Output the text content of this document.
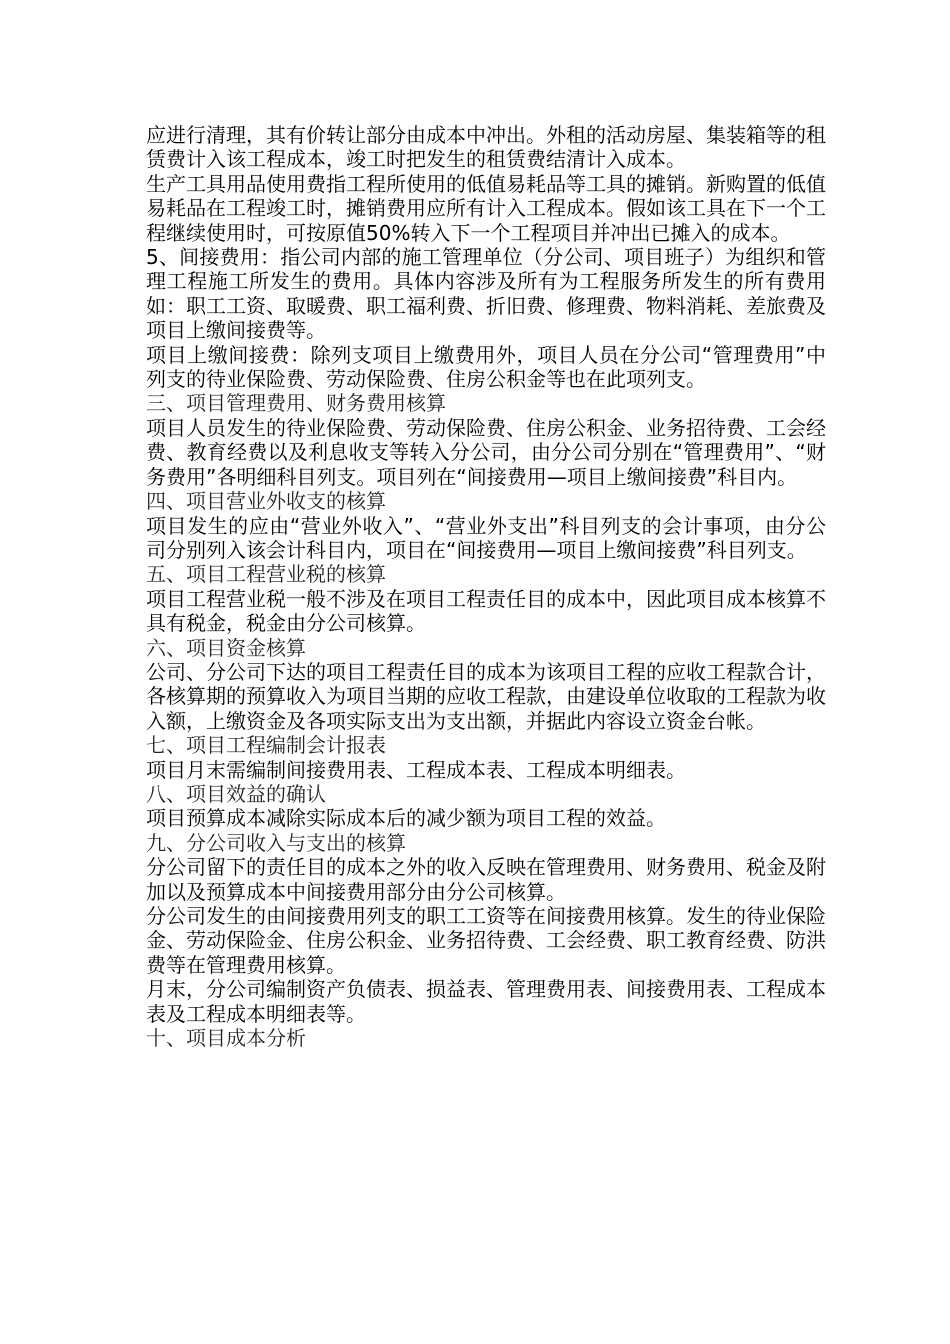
应进行清理，其有价转让部分由成本中冲出。外租的活动房屋、集装箱等的租赁费计入该工程成本，竣工时把发生的租赁费结清计入成本。

生产工具用品使用费指工程所使用的低值易耗品等工具的摊销。新购置的低值易耗品在工程竣工时，摊销费用应所有计入工程成本。假如该工具在下一个工程继续使用时，可按原值50%转入下一个工程项目并冲出已摊入的成本。

5、间接费用：指公司内部的施工管理单位（分公司、项目班子）为组织和管理工程施工所发生的费用。具体内容涉及所有为工程服务所发生的所有费用如：职工工资、取暖费、职工福利费、折旧费、修理费、物料消耗、差旅费及项目上缴间接费等。

项目上缴间接费：除列支项目上缴费用外，项目人员在分公司“管理费用”中列支的待业保险费、劳动保险费、住房公积金等也在此项列支。

三、项目管理费用、财务费用核算

项目人员发生的待业保险费、劳动保险费、住房公积金、业务招待费、工会经费、教育经费以及利息收支等转入分公司，由分公司分别在“管理费用”、“财务费用”各明细科目列支。项目列在“间接费用—项目上缴间接费”科目内。

四、项目营业外收支的核算

项目发生的应由“营业外收入”、“营业外支出”科目列支的会计事项，由分公司分别列入该会计科目内，项目在“间接费用—项目上缴间接费”科目列支。

五、项目工程营业税的核算

项目工程营业税一般不涉及在项目工程责任目的成本中，因此项目成本核算不具有税金，税金由分公司核算。

六、项目资金核算

公司、分公司下达的项目工程责任目的成本为该项目工程的应收工程款合计，各核算期的预算收入为项目当期的应收工程款，由建设单位收取的工程款为收入额，上缴资金及各项实际支出为支出额，并据此内容设立资金台帐。

七、项目工程编制会计报表

项目月末需编制间接费用表、工程成本表、工程成本明细表。

八、项目效益的确认

项目预算成本减除实际成本后的减少额为项目工程的效益。

九、分公司收入与支出的核算

分公司留下的责任目的成本之外的收入反映在管理费用、财务费用、税金及附加以及预算成本中间接费用部分由分公司核算。

分公司发生的由间接费用列支的职工工资等在间接费用核算。发生的待业保险金、劳动保险金、住房公积金、业务招待费、工会经费、职工教育经费、防洪费等在管理费用核算。

月末，分公司编制资产负债表、损益表、管理费用表、间接费用表、工程成本表及工程成本明细表等。

十、项目成本分析
